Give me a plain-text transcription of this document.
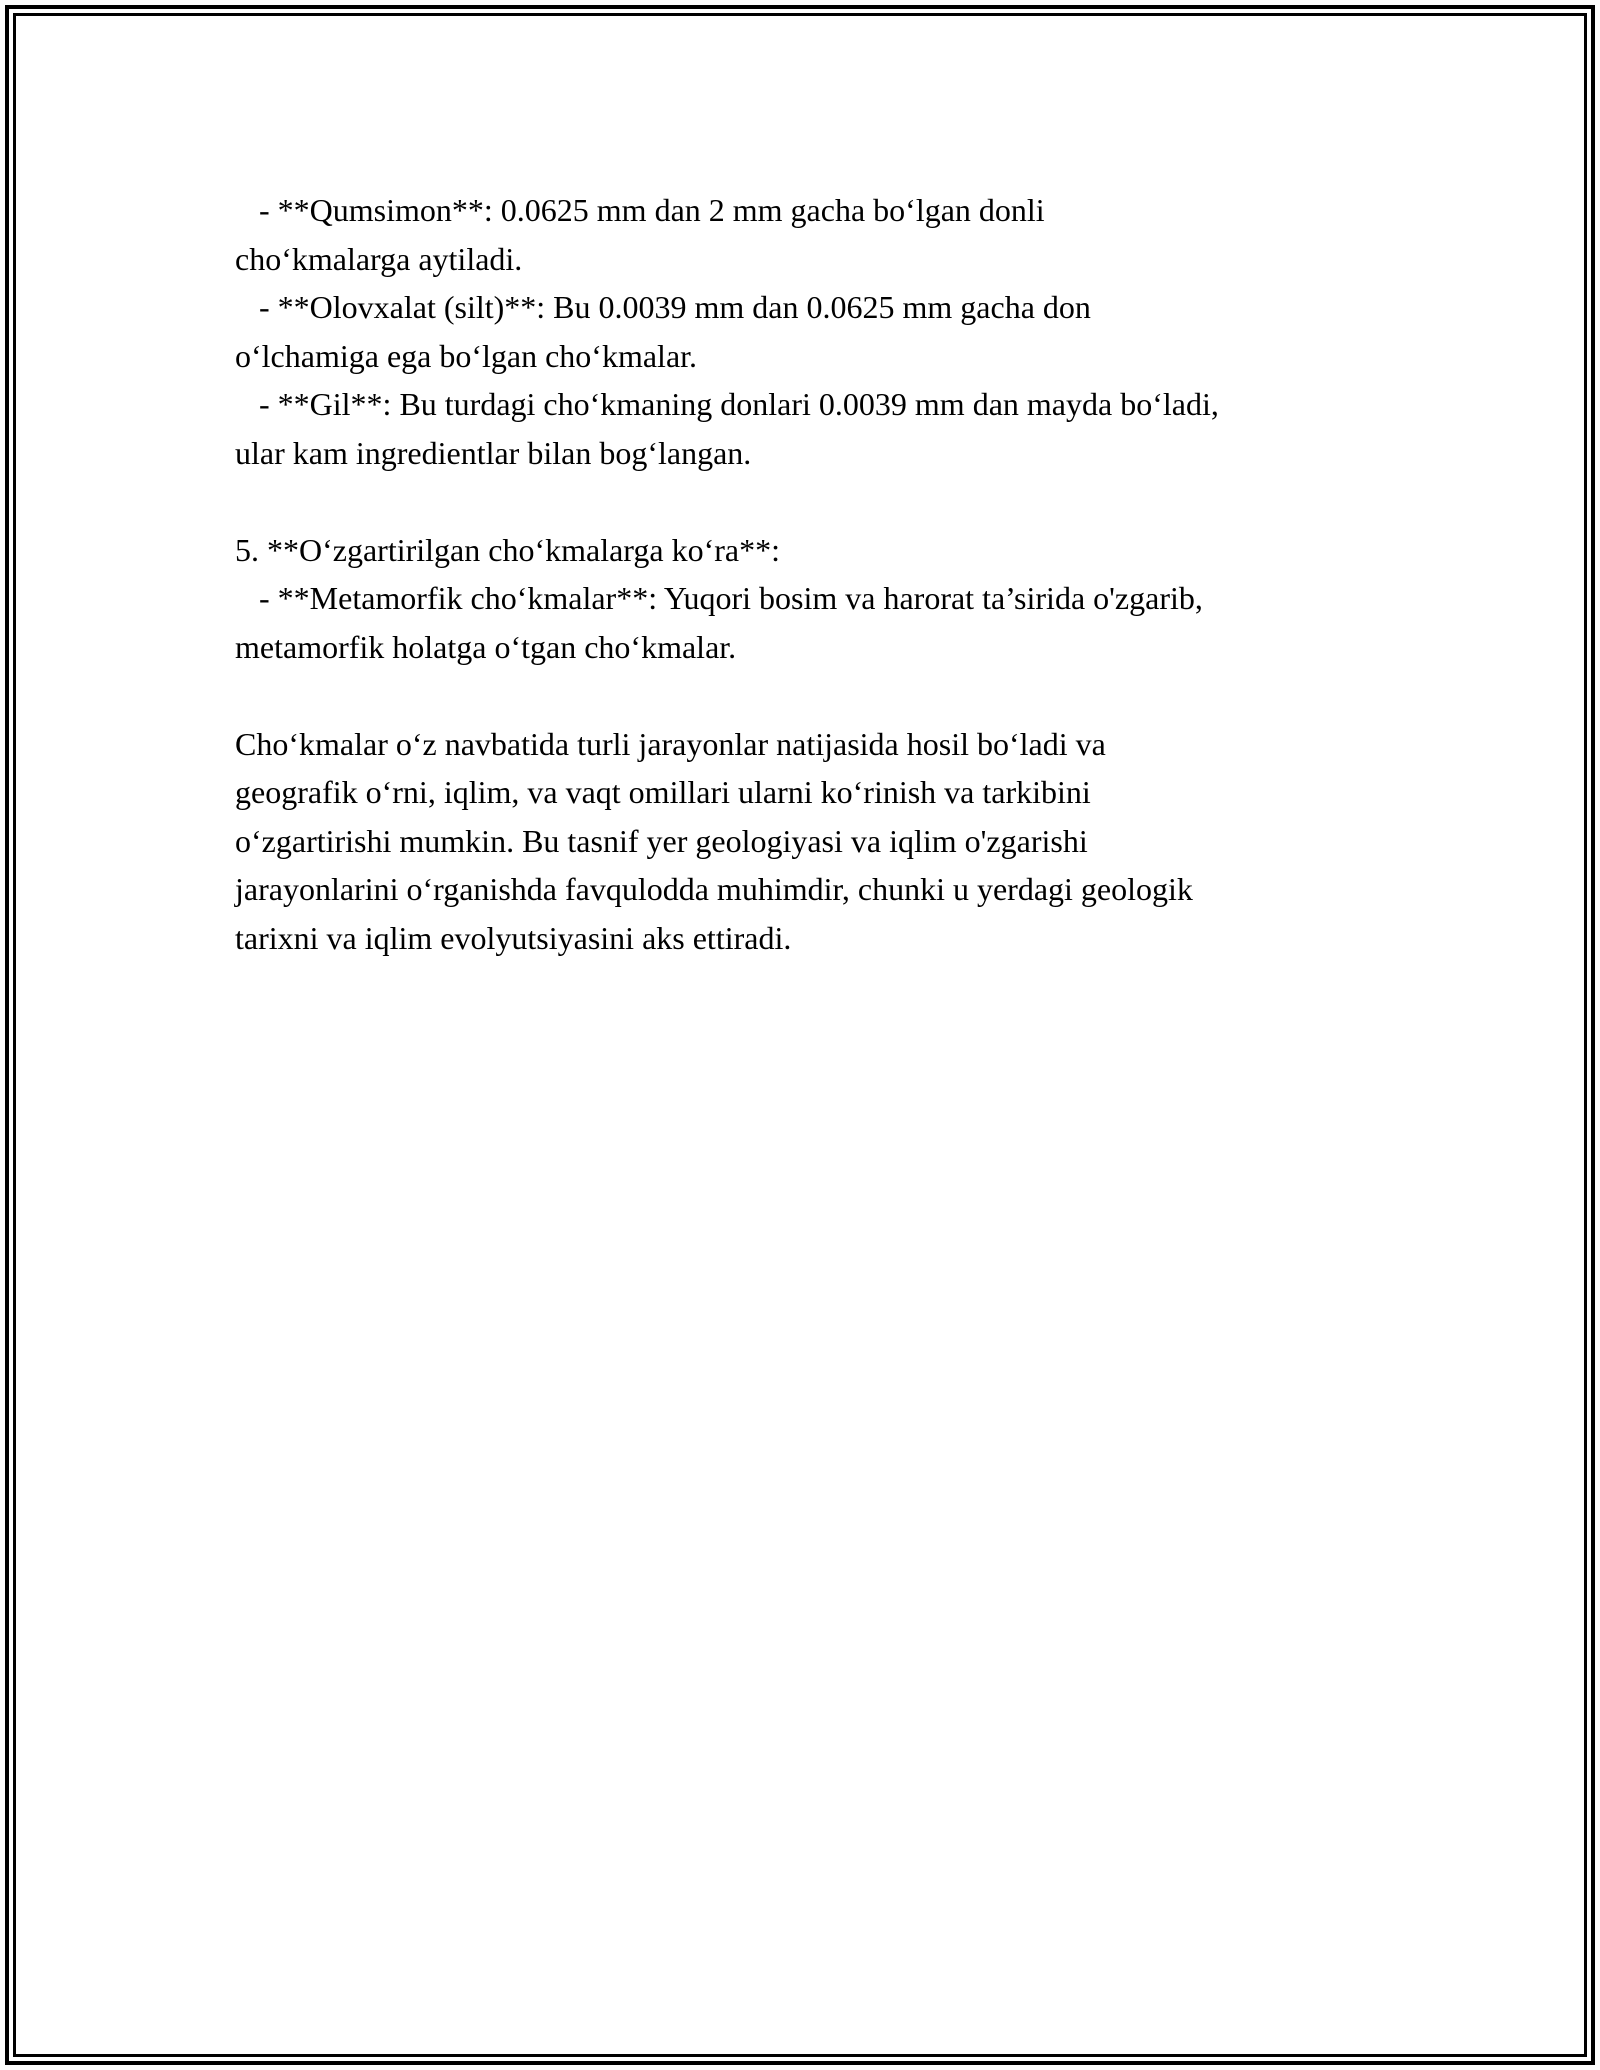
- **Qumsimon**: 0.0625 mm dan 2 mm gacha bo‘lgan donli
cho‘kmalarga aytiladi.
- **Olovxalat (silt)**: Bu 0.0039 mm dan 0.0625 mm gacha don
o‘lchamiga ega bo‘lgan cho‘kmalar.
- **Gil**: Bu turdagi cho‘kmaning donlari 0.0039 mm dan mayda bo‘ladi,
ular kam ingredientlar bilan bog‘langan.
5. **O‘zgartirilgan cho‘kmalarga ko‘ra**:
- **Metamorfik cho‘kmalar**: Yuqori bosim va harorat ta’sirida o'zgarib,
metamorfik holatga o‘tgan cho‘kmalar.
Cho‘kmalar o‘z navbatida turli jarayonlar natijasida hosil bo‘ladi va
geografik o‘rni, iqlim, va vaqt omillari ularni ko‘rinish va tarkibini
o‘zgartirishi mumkin. Bu tasnif yer geologiyasi va iqlim o'zgarishi
jarayonlarini o‘rganishda favqulodda muhimdir, chunki u yerdagi geologik
tarixni va iqlim evolyutsiyasini aks ettiradi.
